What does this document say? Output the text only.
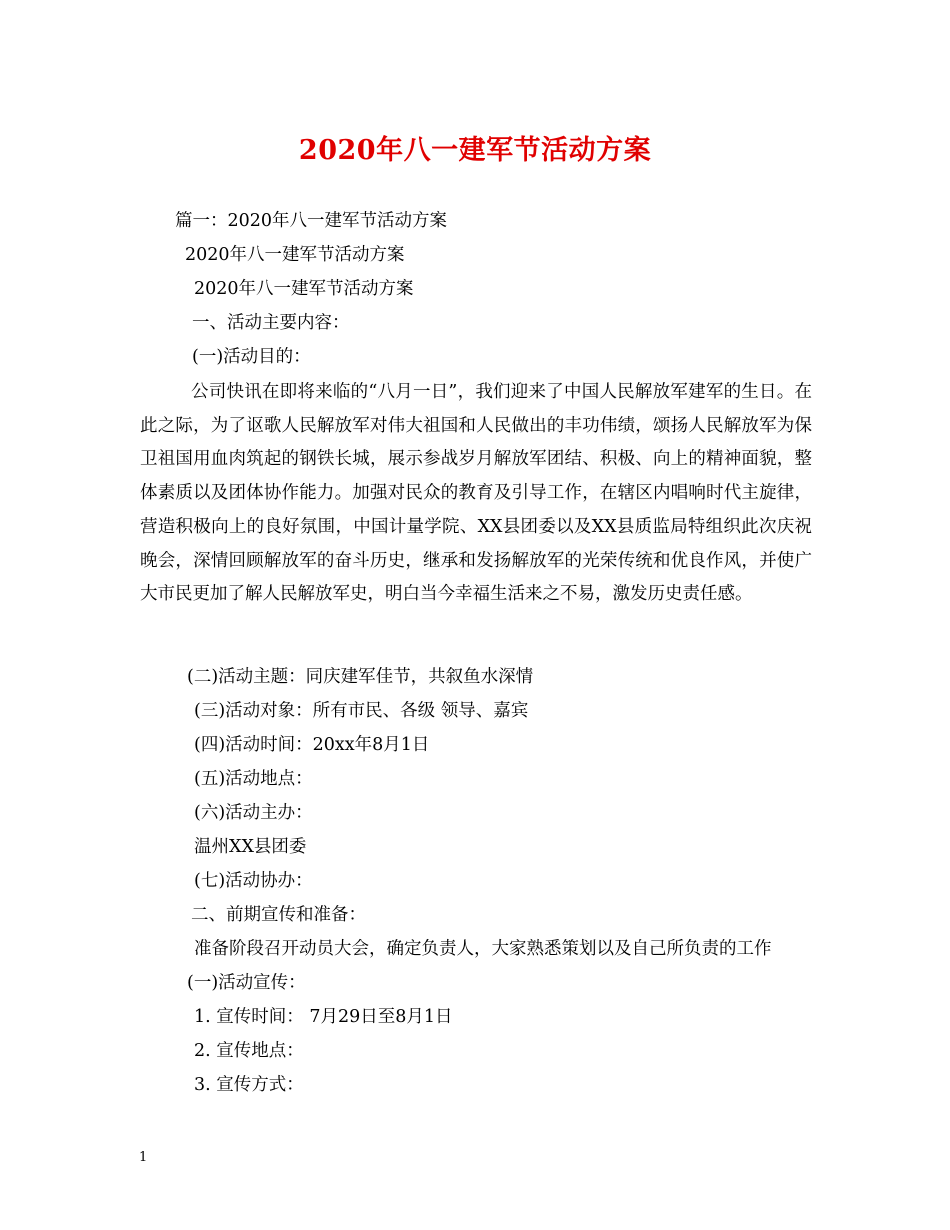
2020年八一建军节活动方案
篇一：2020年八一建军节活动方案
2020年八一建军节活动方案
2020年八一建军节活动方案
一、活动主要内容：
(一)活动目的：
公司快讯在即将来临的“八月一日”，我们迎来了中国人民解放军建军的生日。在此之际，为了讴歌人民解放军对伟大祖国和人民做出的丰功伟绩，颂扬人民解放军为保卫祖国用血肉筑起的钢铁长城，展示参战岁月解放军团结、积极、向上的精神面貌，整体素质以及团体协作能力。加强对民众的教育及引导工作，在辖区内唱响时代主旋律，营造积极向上的良好氛围，中国计量学院、XX县团委以及XX县质监局特组织此次庆祝晚会，深情回顾解放军的奋斗历史，继承和发扬解放军的光荣传统和优良作风，并使广大市民更加了解人民解放军史，明白当今幸福生活来之不易，激发历史责任感。
(二)活动主题：同庆建军佳节，共叙鱼水深情
(三)活动对象：所有市民、各级 领导、嘉宾
(四)活动时间：20xx年8月1日
(五)活动地点：
(六)活动主办：
温州XX县团委
(七)活动协办：
二、前期宣传和准备：
准备阶段召开动员大会，确定负责人，大家熟悉策划以及自己所负责的工作
(一)活动宣传：
1. 宣传时间： 7月29日至8月1日
2. 宣传地点：
3. 宣传方式：
1
